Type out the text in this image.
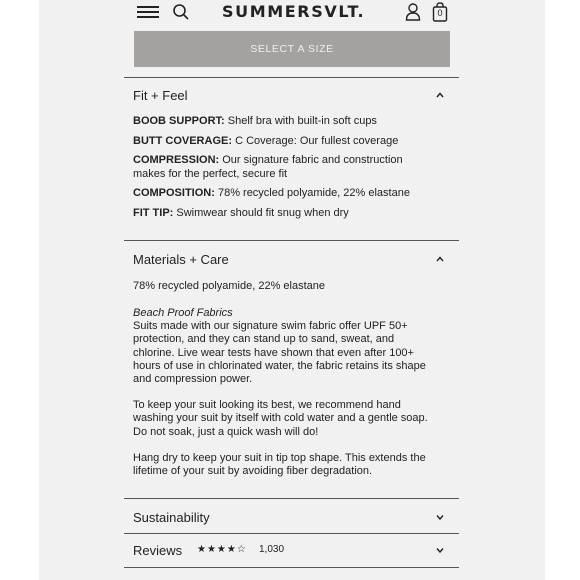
SUMMERSVLT.	0
SELECT A SIZE
Fit + Feel
BOOB SUPPORT: Shelf bra with built-in soft cups
BUTT COVERAGE: C Coverage: Our fullest coverage
COMPRESSION: Our signature fabric and construction makes for the perfect, secure fit
COMPOSITION: 78% recycled polyamide, 22% elastane
FIT TIP: Swimwear should fit snug when dry
Materials + Care
78% recycled polyamide, 22% elastane

Beach Proof Fabrics
Suits made with our signature swim fabric offer UPF 50+ protection, and they can stand up to sand, sweat, and chlorine. Live wear tests have shown that even after 100+ hours of use in chlorinated water, the fabric retains its shape and compression power.

To keep your suit looking its best, we recommend hand washing your suit by itself with cold water and a gentle soap. Do not soak, just a quick wash will do!

Hang dry to keep your suit in tip top shape. This extends the lifetime of your suit by avoiding fiber degradation.

Sustainability
Reviews ★★★★☆ 1,030
